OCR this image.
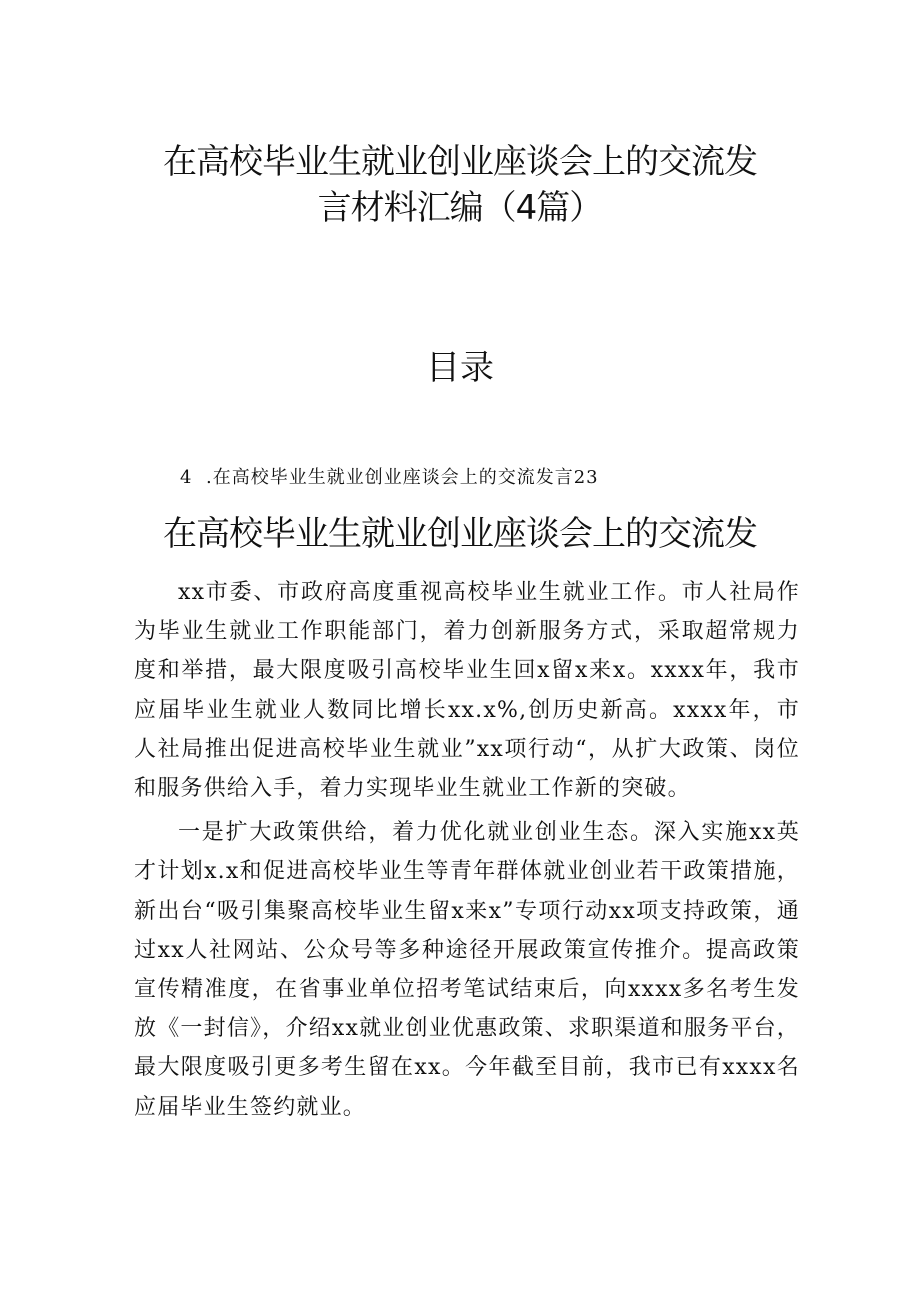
在高校毕业生就业创业座谈会上的交流发
言材料汇编（4篇）
目录
4 .在高校毕业生就业创业座谈会上的交流发言23
在高校毕业生就业创业座谈会上的交流发

xx市委、市政府高度重视高校毕业生就业工作。市人社局作为毕业生就业工作职能部门，着力创新服务方式，采取超常规力度和举措，最大限度吸引高校毕业生回x留x来x。xxxx年，我市应届毕业生就业人数同比增长xx.x%,创历史新高。xxxx年，市人社局推出促进高校毕业生就业”xx项行动“，从扩大政策、岗位和服务供给入手，着力实现毕业生就业工作新的突破。

一是扩大政策供给，着力优化就业创业生态。深入实施xx英才计划x.x和促进高校毕业生等青年群体就业创业若干政策措施，新出台“吸引集聚高校毕业生留x来x”专项行动xx项支持政策，通过xx人社网站、公众号等多种途径开展政策宣传推介。提高政策宣传精准度，在省事业单位招考笔试结束后，向xxxx多名考生发放《一封信》，介绍xx就业创业优惠政策、求职渠道和服务平台，最大限度吸引更多考生留在xx。今年截至目前，我市已有xxxx名应届毕业生签约就业。
